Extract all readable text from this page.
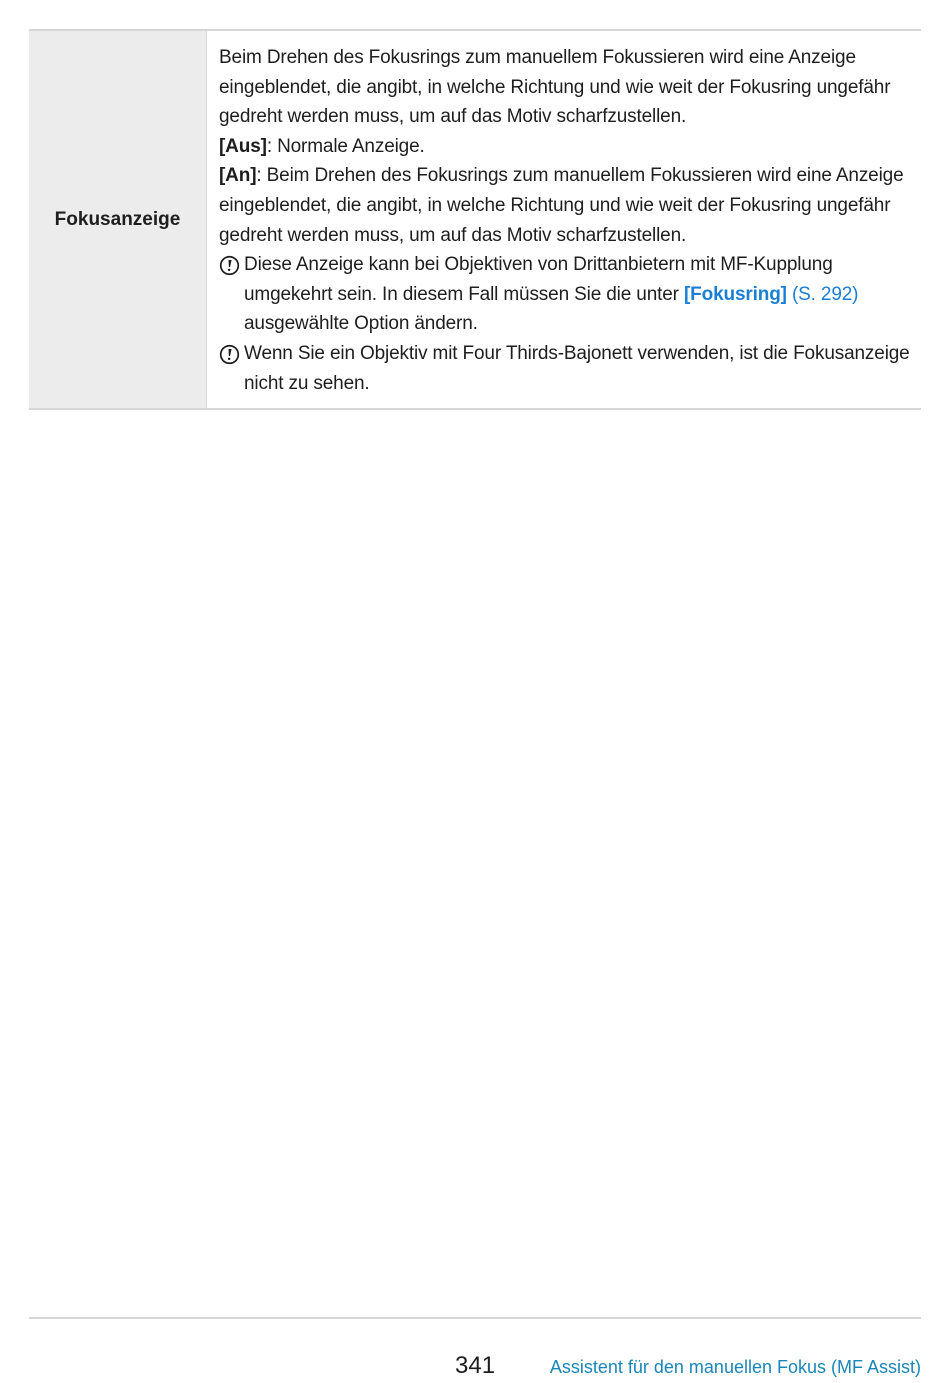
Fokusanzeige

Beim Drehen des Fokusrings zum manuellem Fokussieren wird eine Anzeige eingeblendet, die angibt, in welche Richtung und wie weit der Fokusring ungefähr gedreht werden muss, um auf das Motiv scharfzustellen.

[Aus]: Normale Anzeige.

[An]: Beim Drehen des Fokusrings zum manuellem Fokussieren wird eine Anzeige eingeblendet, die angibt, in welche Richtung und wie weit der Fokusring ungefähr gedreht werden muss, um auf das Motiv scharfzustellen.

Diese Anzeige kann bei Objektiven von Drittanbietern mit MF-Kupplung umgekehrt sein. In diesem Fall müssen Sie die unter [Fokusring] (S. 292)
ausgewählte Option ändern.

Wenn Sie ein Objektiv mit Four Thirds-Bajonett verwenden, ist die Fokusanzeige nicht zu sehen.

341	Assistent für den manuellen Fokus (MF Assist)
